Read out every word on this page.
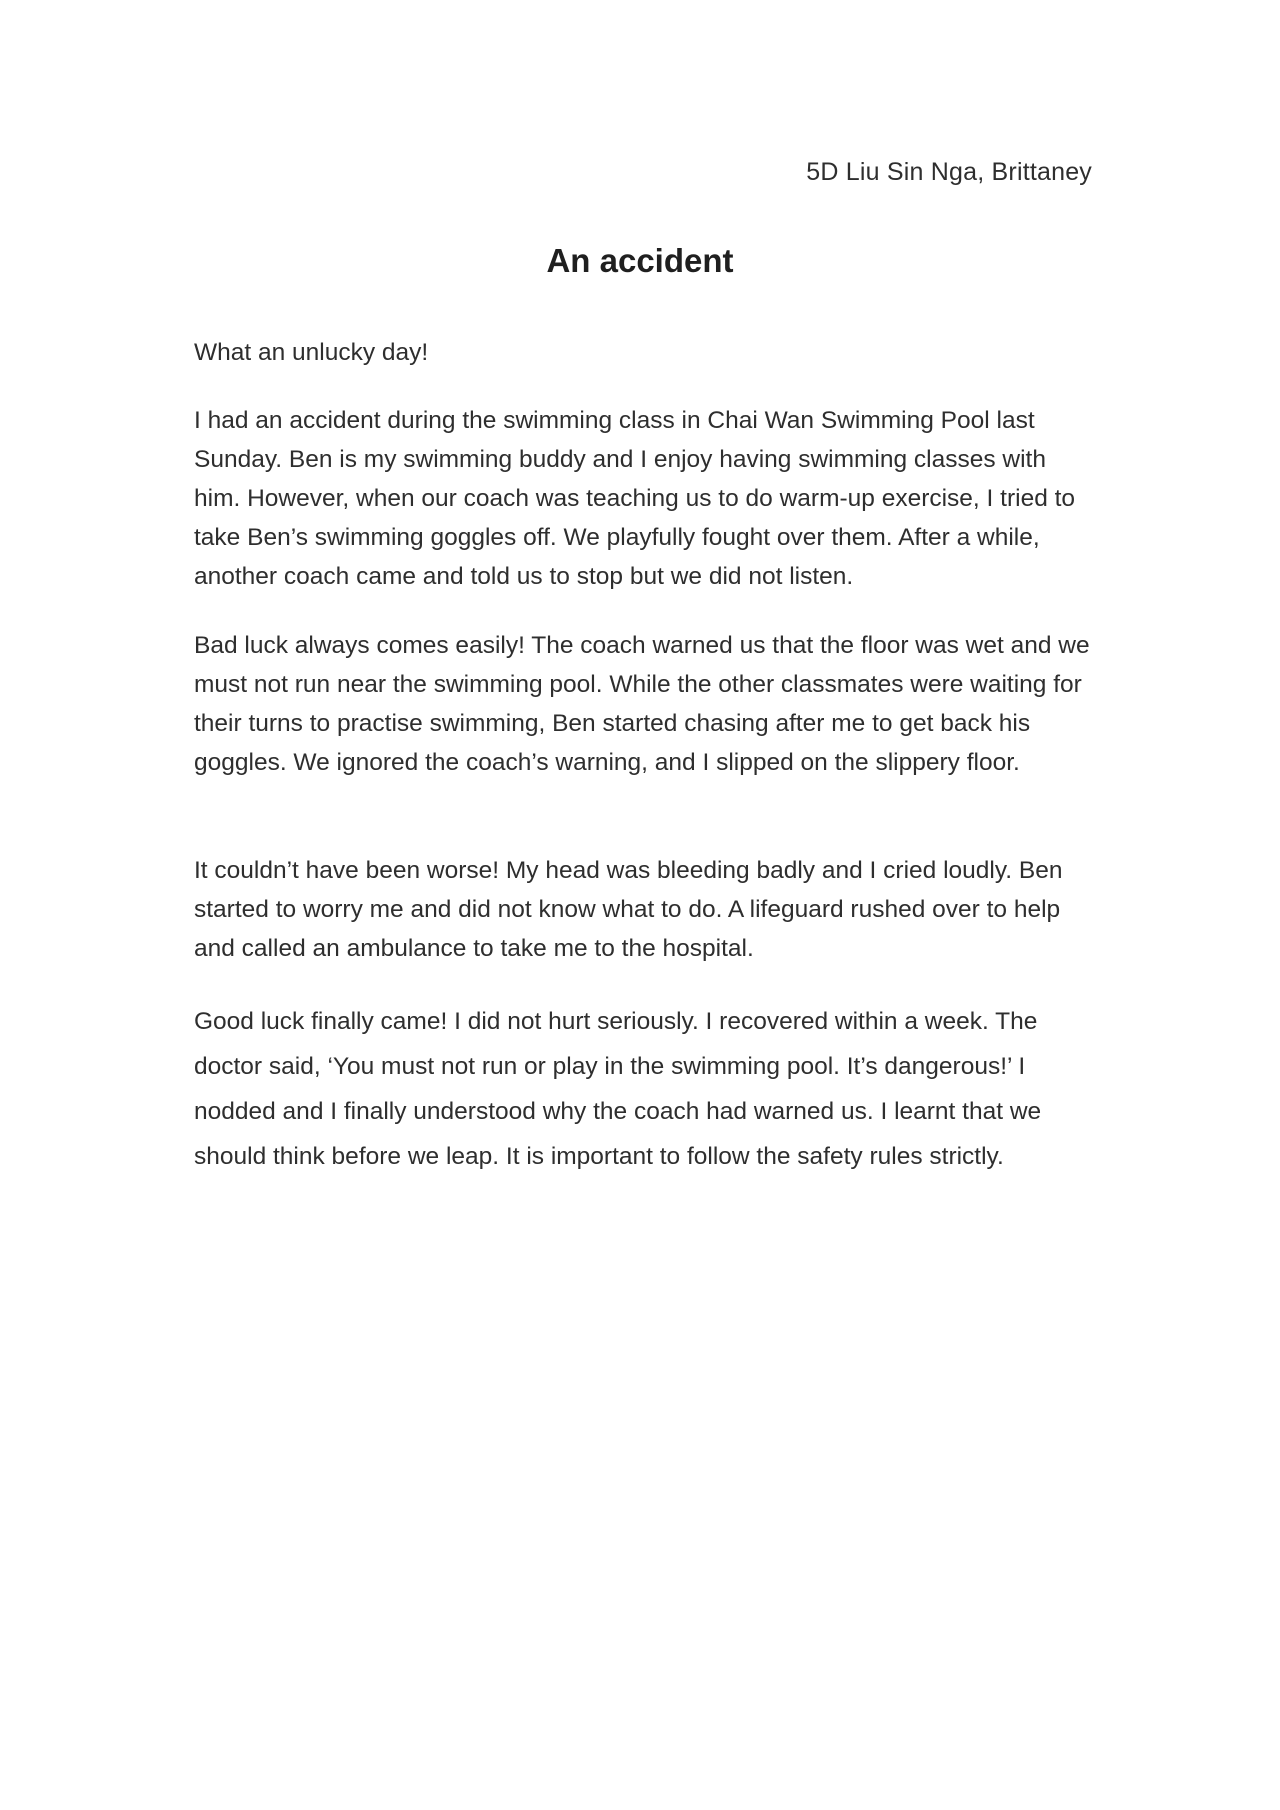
5D Liu Sin Nga, Brittaney
An accident

What an unlucky day!

I had an accident during the swimming class in Chai Wan Swimming Pool last Sunday. Ben is my swimming buddy and I enjoy having swimming classes with him. However, when our coach was teaching us to do warm-up exercise, I tried to take Ben’s swimming goggles off. We playfully fought over them. After a while, another coach came and told us to stop but we did not listen.

Bad luck always comes easily! The coach warned us that the floor was wet and we must not run near the swimming pool. While the other classmates were waiting for their turns to practise swimming, Ben started chasing after me to get back his goggles. We ignored the coach’s warning, and I slipped on the slippery floor.

It couldn’t have been worse! My head was bleeding badly and I cried loudly. Ben started to worry me and did not know what to do. A lifeguard rushed over to help and called an ambulance to take me to the hospital.

Good luck finally came! I did not hurt seriously. I recovered within a week. The doctor said, ‘You must not run or play in the swimming pool. It’s dangerous!’ I nodded and I finally understood why the coach had warned us. I learnt that we should think before we leap. It is important to follow the safety rules strictly.
